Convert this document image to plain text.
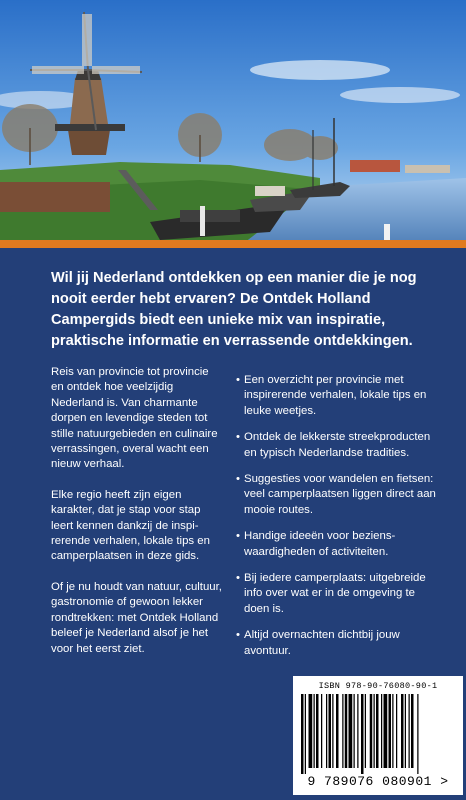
Wil jij Nederland ontdekken op een manier die je nog nooit eerder hebt ervaren? De Ontdek Holland Campergids biedt een unieke mix van inspiratie, praktische informatie en verrassende ontdekkingen.

Reis van provincie tot provincie en ontdek hoe veelzijdig Nederland is. Van charmante dorpen en levendige steden tot stille natuurgebieden en culinaire verrassingen, overal wacht een nieuw verhaal.

Elke regio heeft zijn eigen karakter, dat je stap voor stap leert kennen dankzij de inspi-rerende verhalen, lokale tips en camperplaatsen in deze gids.

Of je nu houdt van natuur, cultuur, gastronomie of gewoon lekker rondtrekken: met Ontdek Holland beleef je Nederland alsof je het voor het eerst ziet.

• Een overzicht per provincie met inspirerende verhalen, lokale tips en leuke weetjes.
• Ontdek de lekkerste streekproducten en typisch Nederlandse tradities.
• Suggesties voor wandelen en fietsen: veel camperplaatsen liggen direct aan mooie routes.
• Handige ideeën voor beziens-waardigheden of activiteiten.
• Bij iedere camperplaats: uitgebreide info over wat er in de omgeving te doen is.
• Altijd overnachten dichtbij jouw avontuur.
ISBN 978-90-76080-90-1
9 789076 080901 >
